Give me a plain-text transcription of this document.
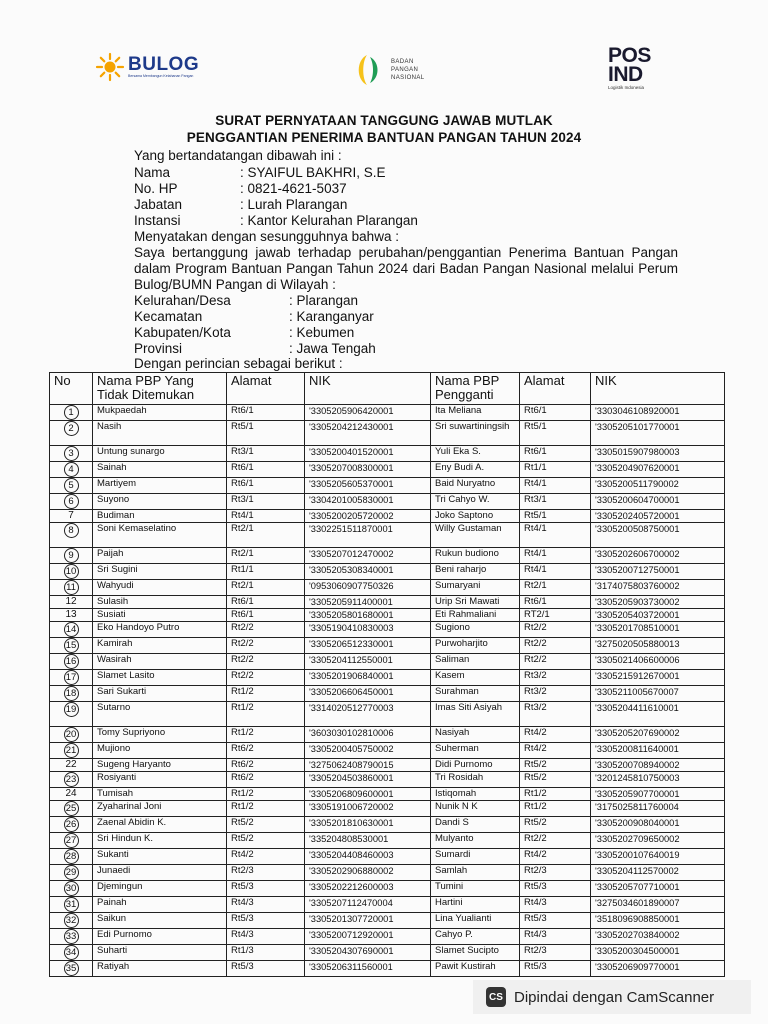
BULOG
Bersama Membangun Ketahanan Pangan
BADAN
PANGAN
NASIONAL
POS
IND
Logistik Indonesia
SURAT PERNYATAAN TANGGUNG JAWAB MUTLAK
PENGGANTIAN PENERIMA BANTUAN PANGAN TAHUN 2024
Yang bertandatangan dibawah ini :
Nama	: SYAIFUL BAKHRI, S.E
No. HP	: 0821-4621-5037
Jabatan	: Lurah Plarangan
Instansi	: Kantor Kelurahan Plarangan
Menyatakan dengan sesungguhnya bahwa :
Saya bertanggung jawab terhadap perubahan/penggantian Penerima Bantuan Pangan dalam Program Bantuan Pangan Tahun 2024 dari Badan Pangan Nasional melalui Perum Bulog/BUMN Pangan di Wilayah :
Kelurahan/Desa	: Plarangan
Kecamatan	: Karanganyar
Kabupaten/Kota	: Kebumen
Provinsi	: Jawa Tengah
Dengan perincian sebagai berikut :
No	Nama PBP Yang Tidak Ditemukan	Alamat	NIK	Nama PBP Pengganti	Alamat	NIK
1	Mukpaedah	Rt6/1	'3305205906420001	Ita Meliana	Rt6/1	'3303046108920001
2	Nasih	Rt5/1	'3305204212430001	Sri suwartiningsih	Rt5/1	'3305205101770001
3	Untung sunargo	Rt3/1	'3305200401520001	Yuli Eka S.	Rt6/1	'3305015907980003
4	Sainah	Rt6/1	'3305207008300001	Eny Budi A.	Rt1/1	'3305204907620001
5	Martiyem	Rt6/1	'3305205605370001	Baid Nuryatno	Rt4/1	'3305200511790002
6	Suyono	Rt3/1	'3304201005830001	Tri Cahyo W.	Rt3/1	'3305200604700001
7	Budiman	Rt4/1	'3305200205720002	Joko Saptono	Rt5/1	'3305202405720001
8	Soni Kemaselatino	Rt2/1	'3302251511870001	Willy Gustaman	Rt4/1	'3305200508750001
9	Paijah	Rt2/1	'3305207012470002	Rukun budiono	Rt4/1	'3305202606700002
10	Sri Sugini	Rt1/1	'3305205308340001	Beni raharjo	Rt4/1	'3305200712750001
11	Wahyudi	Rt2/1	'0953060907750326	Sumaryani	Rt2/1	'3174075803760002
12	Sulasih	Rt6/1	'3305205911400001	Urip Sri Mawati	Rt6/1	'3305205903730002
13	Susiati	Rt6/1	'3305205801680001	Eti Rahmaliani	RT2/1	'3305205403720001
14	Eko Handoyo Putro	Rt2/2	'3305190410830003	Sugiono	Rt2/2	'3305201708510001
15	Kamirah	Rt2/2	'3305206512330001	Purwoharjito	Rt2/2	'3275020505880013
16	Wasirah	Rt2/2	'3305204112550001	Saliman	Rt2/2	'3305021406600006
17	Slamet Lasito	Rt2/2	'3305201906840001	Kasem	Rt3/2	'3305215912670001
18	Sari Sukarti	Rt1/2	'3305206606450001	Surahman	Rt3/2	'3305211005670007
19	Sutarno	Rt1/2	'3314020512770003	Imas Siti Asiyah	Rt3/2	'3305204411610001
20	Tomy Supriyono	Rt1/2	'3603030102810006	Nasiyah	Rt4/2	'3305205207690002
21	Mujiono	Rt6/2	'3305200405750002	Suherman	Rt4/2	'3305200811640001
22	Sugeng Haryanto	Rt6/2	'3275062408790015	Didi Purnomo	Rt5/2	'3305200708940002
23	Rosiyanti	Rt6/2	'3305204503860001	Tri Rosidah	Rt5/2	'3201245810750003
24	Tumisah	Rt1/2	'3305206809600001	Istiqomah	Rt1/2	'3305205907700001
25	Zyaharinal Joni	Rt1/2	'3305191006720002	Nunik N K	Rt1/2	'3175025811760004
26	Zaenal Abidin K.	Rt5/2	'3305201810630001	Dandi S	Rt5/2	'3305200908040001
27	Sri Hindun K.	Rt5/2	'335204808530001	Mulyanto	Rt2/2	'3305202709650002
28	Sukanti	Rt4/2	'3305204408460003	Sumardi	Rt4/2	'3305200107640019
29	Junaedi	Rt2/3	'3305202906880002	Samlah	Rt2/3	'3305204112570002
30	Djemingun	Rt5/3	'3305202212600003	Tumini	Rt5/3	'3305205707710001
31	Painah	Rt4/3	'3305207112470004	Hartini	Rt4/3	'3275034601890007
32	Saikun	Rt5/3	'3305201307720001	Lina Yualianti	Rt5/3	'3518096908850001
33	Edi Purnomo	Rt4/3	'3305200712920001	Cahyo P.	Rt4/3	'3305202703840002
34	Suharti	Rt1/3	'3305204307690001	Slamet Sucipto	Rt2/3	'3305200304500001
35	Ratiyah	Rt5/3	'3305206311560001	Pawit Kustirah	Rt5/3	'3305206909770001
CS Dipindai dengan CamScanner
